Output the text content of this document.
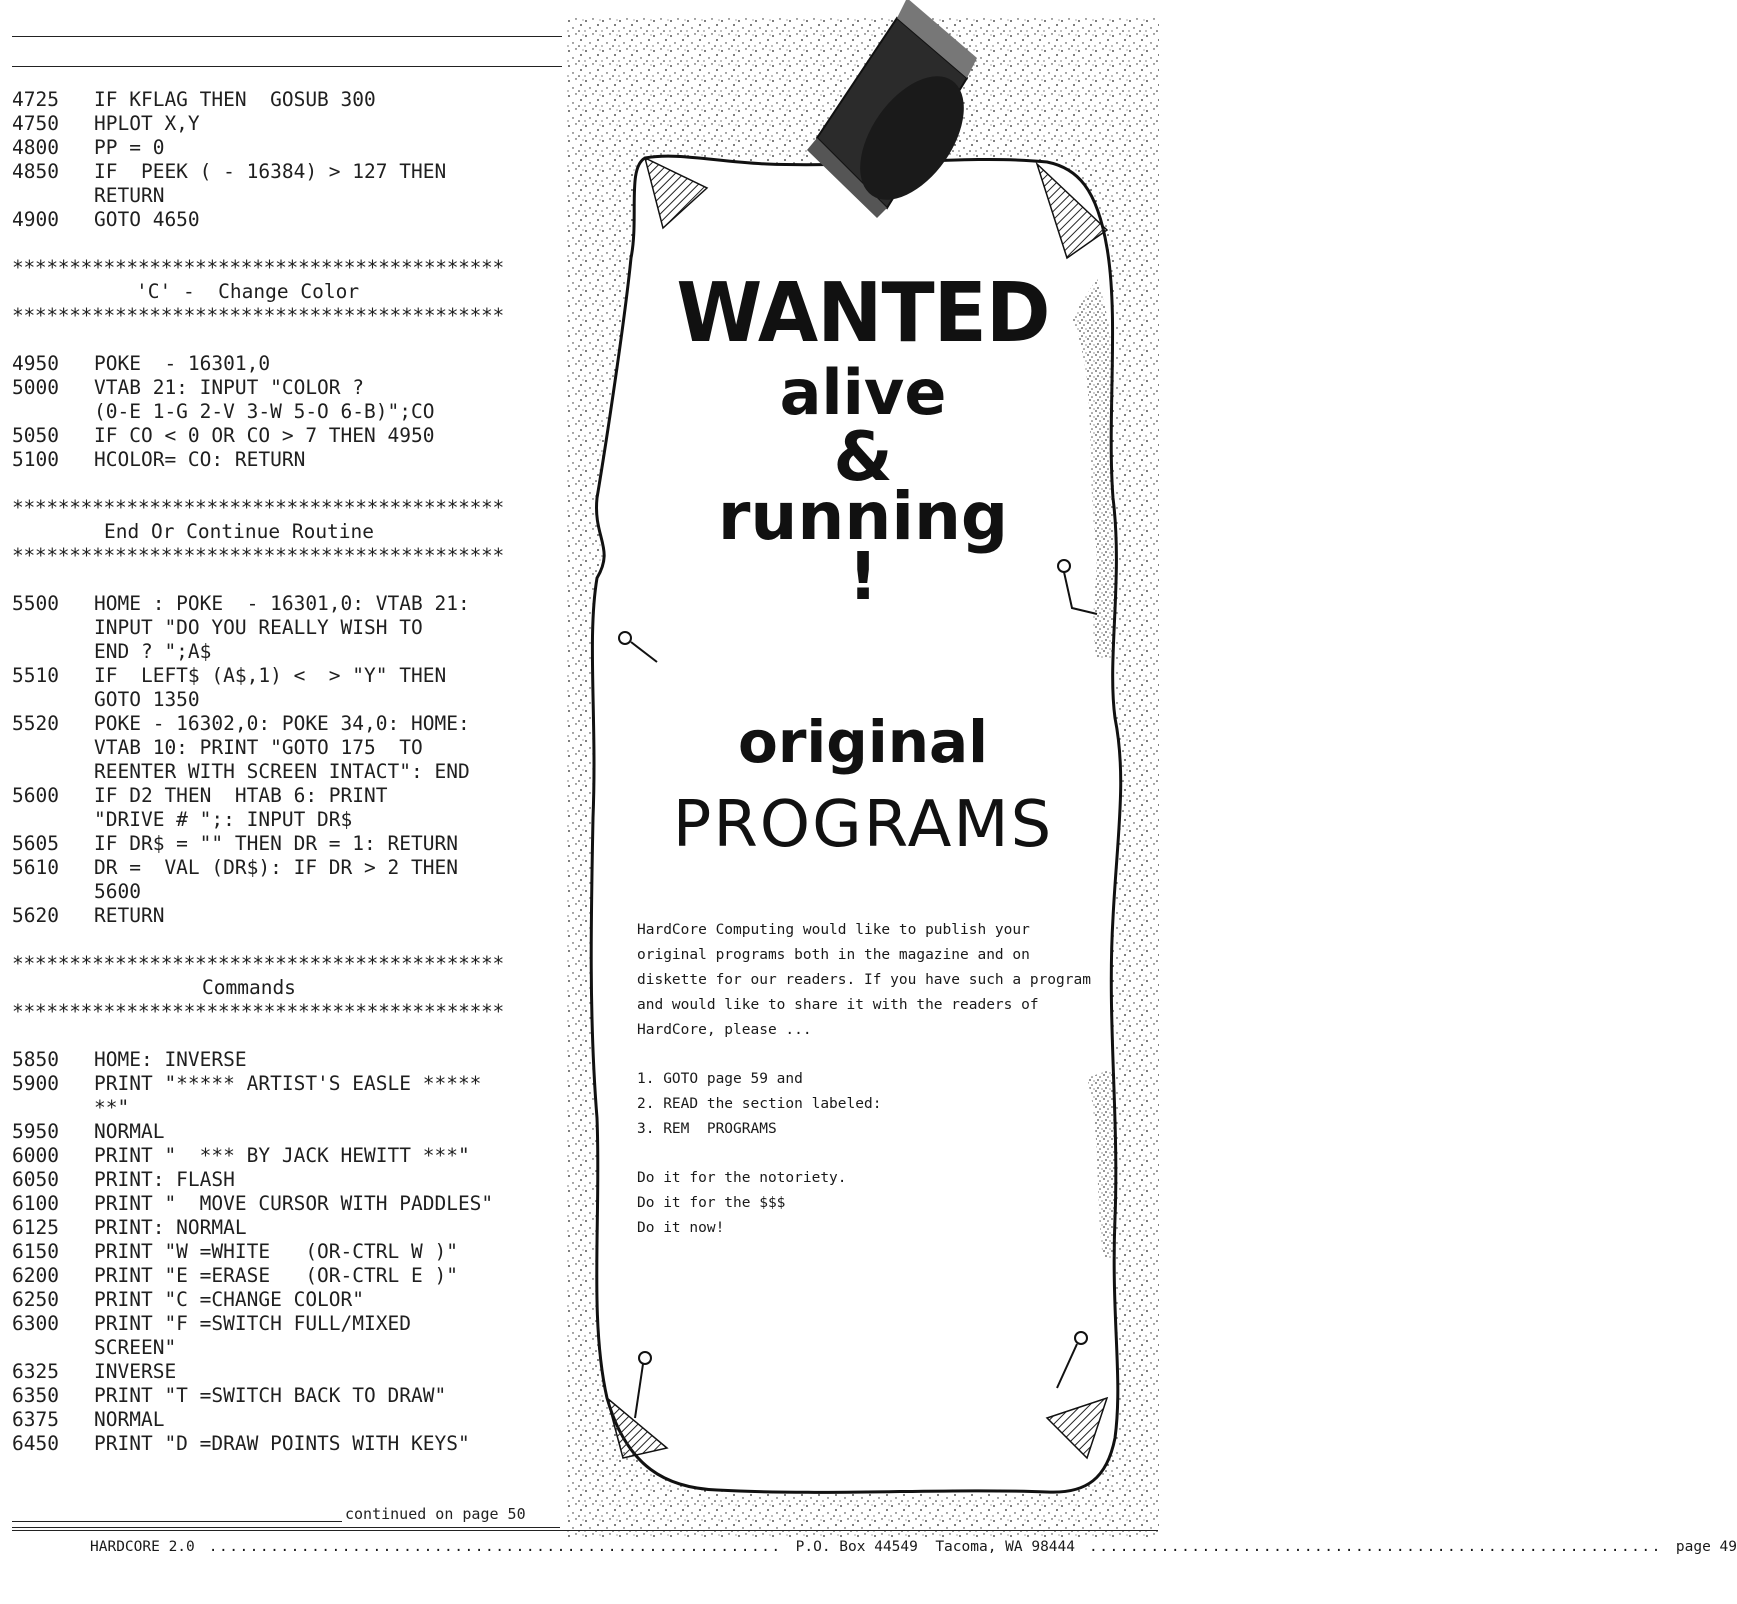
4725	IF KFLAG THEN  GOSUB 300
4750	HPLOT X,Y
4800	PP = 0
4850	IF  PEEK ( - 16384) > 127 THEN
RETURN
4900	GOTO 4650
*******************************************
'C' -  Change Color
*******************************************
4950	POKE  - 16301,0
5000	VTAB 21: INPUT "COLOR ?
(0-E 1-G 2-V 3-W 5-O 6-B)";CO
5050	IF CO < 0 OR CO > 7 THEN 4950
5100	HCOLOR= CO: RETURN
*******************************************
End Or Continue Routine
*******************************************
5500	HOME : POKE  - 16301,0: VTAB 21:
INPUT "DO YOU REALLY WISH TO
END ? ";A$
5510	IF  LEFT$ (A$,1) <  > "Y" THEN
GOTO 1350
5520	POKE - 16302,0: POKE 34,0: HOME:
VTAB 10: PRINT "GOTO 175  TO
REENTER WITH SCREEN INTACT": END
5600	IF D2 THEN  HTAB 6: PRINT
"DRIVE # ";: INPUT DR$
5605	IF DR$ = "" THEN DR = 1: RETURN
5610	DR =  VAL (DR$): IF DR > 2 THEN
5600
5620	RETURN
*******************************************
Commands
*******************************************
5850	HOME: INVERSE
5900	PRINT "***** ARTIST'S EASLE *****
**"
5950	NORMAL
6000	PRINT "  *** BY JACK HEWITT ***"
6050	PRINT: FLASH
6100	PRINT "  MOVE CURSOR WITH PADDLES"
6125	PRINT: NORMAL
6150	PRINT "W =WHITE   (OR-CTRL W )"
6200	PRINT "E =ERASE   (OR-CTRL E )"
6250	PRINT "C =CHANGE COLOR"
6300	PRINT "F =SWITCH FULL/MIXED
SCREEN"
6325	INVERSE
6350	PRINT "T =SWITCH BACK TO DRAW"
6375	NORMAL
6450	PRINT "D =DRAW POINTS WITH KEYS"
continued on page 50
WANTED
alive
&
running
!
original
PROGRAMS

HardCore Computing would like to publish your original programs both in the magazine and on diskette for our readers. If you have such a program and would like to share it with the readers of HardCore, please ...

1. GOTO page 59 and

2. READ the section labeled:

3. REM  PROGRAMS

Do it for the notoriety.

Do it for the $$$

Do it now!

HARDCORE 2.0 ........................................................ P.O. Box 44549  Tacoma, WA 98444 ........................................................ page 49
